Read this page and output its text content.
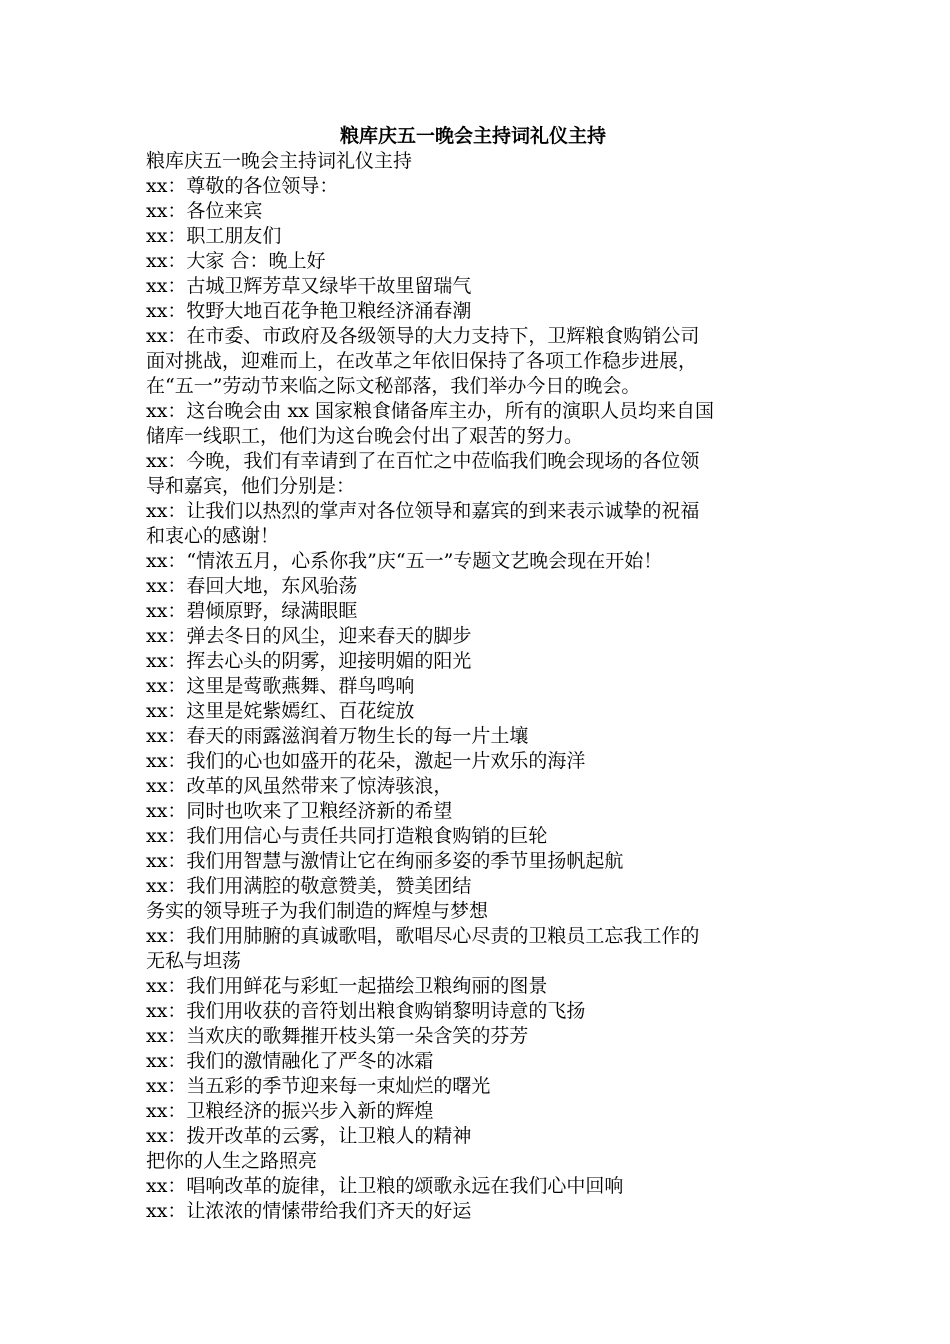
粮库庆五一晚会主持词礼仪主持

粮库庆五一晚会主持词礼仪主持

xx：尊敬的各位领导：

xx：各位来宾

xx：职工朋友们

xx：大家 合：晚上好

xx：古城卫辉芳草又绿毕干故里留瑞气

xx：牧野大地百花争艳卫粮经济涌春潮

xx：在市委、市政府及各级领导的大力支持下，卫辉粮食购销公司

面对挑战，迎难而上，在改革之年依旧保持了各项工作稳步进展，

在“五一”劳动节来临之际文秘部落，我们举办今日的晚会。

xx：这台晚会由 xx 国家粮食储备库主办，所有的演职人员均来自国

储库一线职工，他们为这台晚会付出了艰苦的努力。

xx：今晚，我们有幸请到了在百忙之中莅临我们晚会现场的各位领

导和嘉宾，他们分别是：

xx：让我们以热烈的掌声对各位领导和嘉宾的到来表示诚挚的祝福

和衷心的感谢！

xx：“情浓五月，心系你我”庆“五一”专题文艺晚会现在开始！

xx：春回大地，东风骀荡

xx：碧倾原野，绿满眼眶

xx：弹去冬日的风尘，迎来春天的脚步

xx：挥去心头的阴雾，迎接明媚的阳光

xx：这里是莺歌燕舞、群鸟鸣响

xx：这里是姹紫嫣红、百花绽放

xx：春天的雨露滋润着万物生长的每一片土壤

xx：我们的心也如盛开的花朵，激起一片欢乐的海洋

xx：改革的风虽然带来了惊涛骇浪，

xx：同时也吹来了卫粮经济新的希望

xx：我们用信心与责任共同打造粮食购销的巨轮

xx：我们用智慧与激情让它在绚丽多姿的季节里扬帆起航

xx：我们用满腔的敬意赞美，赞美团结

务实的领导班子为我们制造的辉煌与梦想

xx：我们用肺腑的真诚歌唱，歌唱尽心尽责的卫粮员工忘我工作的

无私与坦荡

xx：我们用鲜花与彩虹一起描绘卫粮绚丽的图景

xx：我们用收获的音符划出粮食购销黎明诗意的飞扬

xx：当欢庆的歌舞摧开枝头第一朵含笑的芬芳

xx：我们的激情融化了严冬的冰霜

xx：当五彩的季节迎来每一束灿烂的曙光

xx：卫粮经济的振兴步入新的辉煌

xx：拨开改革的云雾，让卫粮人的精神

把你的人生之路照亮

xx：唱响改革的旋律，让卫粮的颂歌永远在我们心中回响

xx：让浓浓的情愫带给我们齐天的好运
